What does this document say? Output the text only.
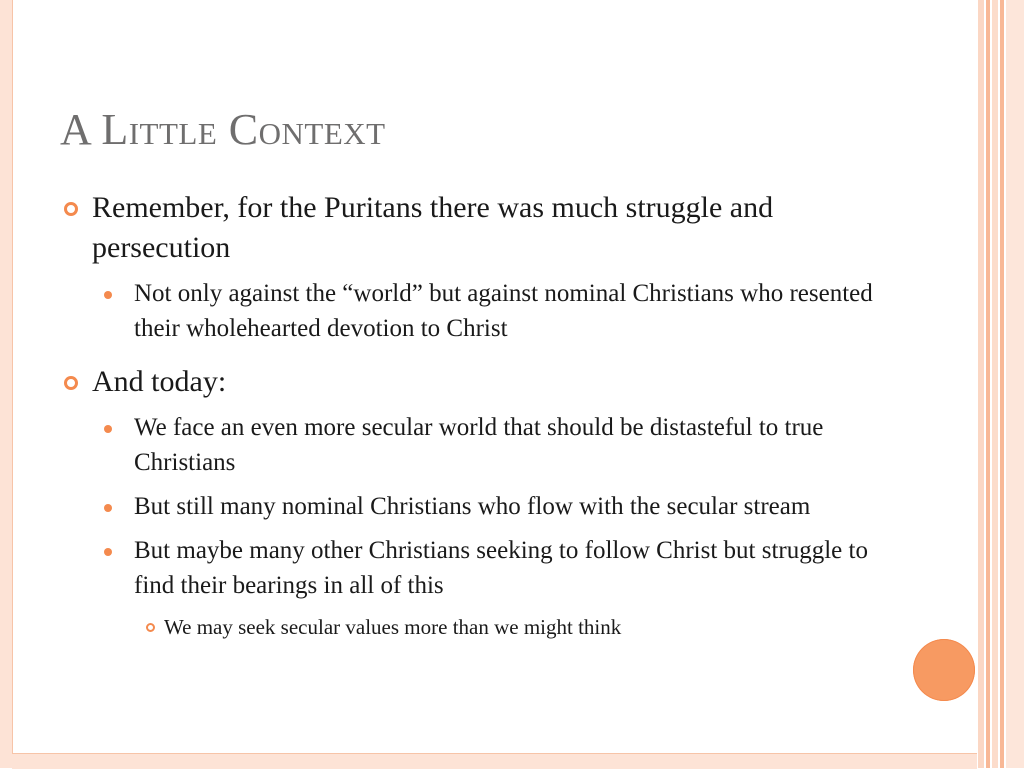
A Little Context
Remember, for the Puritans there was much struggle and persecution
Not only against the “world” but against nominal Christians who resented their wholehearted devotion to Christ
And today:
We face an even more secular world that should be distasteful to true Christians
But still many nominal Christians who flow with the secular stream
But maybe many other Christians seeking to follow Christ but struggle to find their bearings in all of this
We may seek secular values more than we might think
